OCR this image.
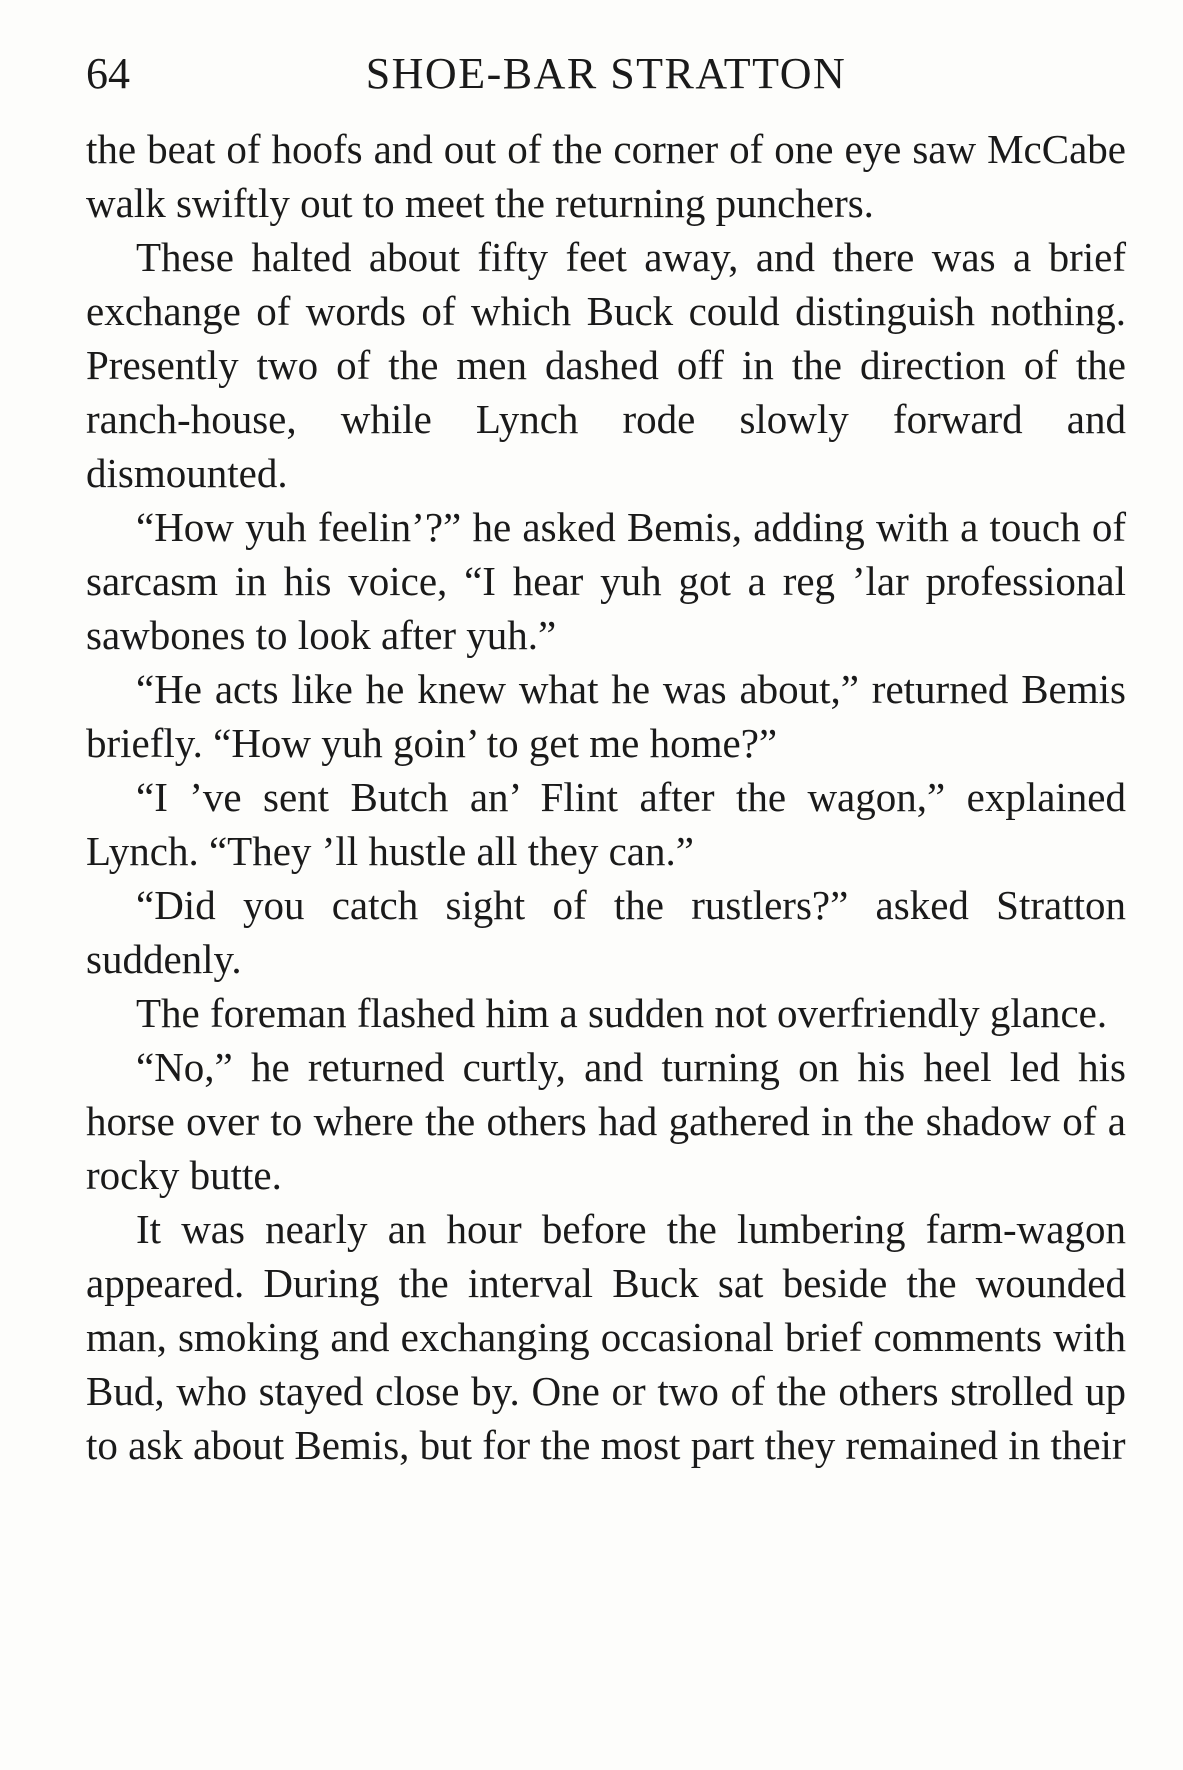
64	SHOE-BAR STRATTON

the beat of hoofs and out of the corner of one eye saw McCabe walk swiftly out to meet the returning punchers.

These halted about fifty feet away, and there was a brief exchange of words of which Buck could distinguish nothing. Presently two of the men dashed off in the direction of the ranch-house, while Lynch rode slowly forward and dismounted.

“How yuh feelin’?” he asked Bemis, adding with a touch of sarcasm in his voice, “I hear yuh got a reg ’lar professional sawbones to look after yuh.”

“He acts like he knew what he was about,” returned Bemis briefly. “How yuh goin’ to get me home?”

“I ’ve sent Butch an’ Flint after the wagon,” explained Lynch. “They ’ll hustle all they can.”

“Did you catch sight of the rustlers?” asked Stratton suddenly.

The foreman flashed him a sudden not overfriendly glance.

“No,” he returned curtly, and turning on his heel led his horse over to where the others had gathered in the shadow of a rocky butte.

It was nearly an hour before the lumbering farm-wagon appeared. During the interval Buck sat beside the wounded man, smoking and exchanging occasional brief comments with Bud, who stayed close by. One or two of the others strolled up to ask about Bemis, but for the most part they remained in their
